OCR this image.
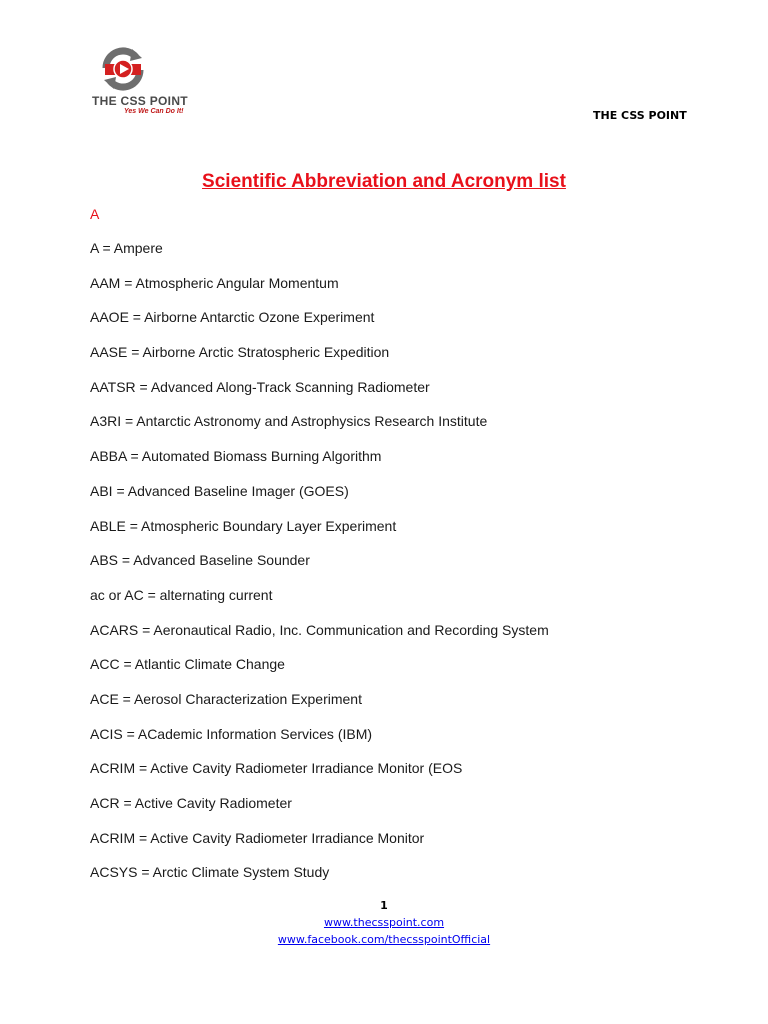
THE CSS POINT
Yes We Can Do It!	THE CSS POINT
Scientific Abbreviation and Acronym list
A
A = Ampere
AAM = Atmospheric Angular Momentum
AAOE = Airborne Antarctic Ozone Experiment
AASE = Airborne Arctic Stratospheric Expedition
AATSR = Advanced Along-Track Scanning Radiometer
A3RI = Antarctic Astronomy and Astrophysics Research Institute
ABBA = Automated Biomass Burning Algorithm
ABI = Advanced Baseline Imager (GOES)
ABLE = Atmospheric Boundary Layer Experiment
ABS = Advanced Baseline Sounder
ac or AC = alternating current
ACARS = Aeronautical Radio, Inc. Communication and Recording System
ACC = Atlantic Climate Change
ACE = Aerosol Characterization Experiment
ACIS = ACademic Information Services (IBM)
ACRIM = Active Cavity Radiometer Irradiance Monitor (EOS
ACR = Active Cavity Radiometer
ACRIM = Active Cavity Radiometer Irradiance Monitor
ACSYS = Arctic Climate System Study
1
www.thecsspoint.com
www.facebook.com/thecsspointOfficial
